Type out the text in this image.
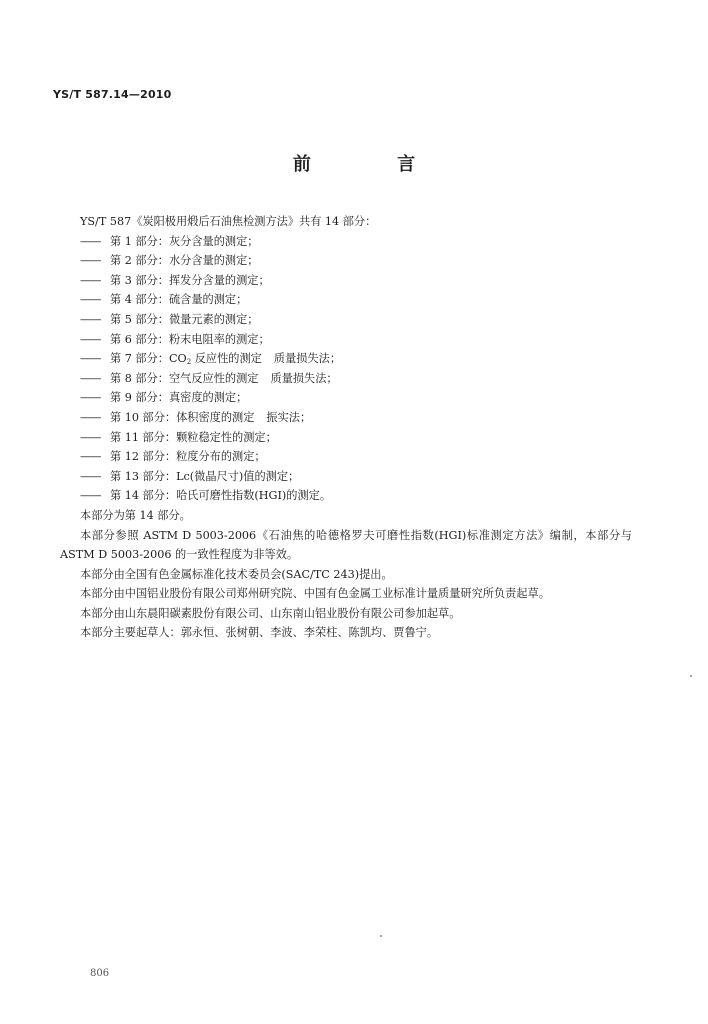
YS/T 587.14—2010
前 言

YS/T 587《炭阳极用煅后石油焦检测方法》共有 14 部分：

—— 第 1 部分：灰分含量的测定；

—— 第 2 部分：水分含量的测定；

—— 第 3 部分：挥发分含量的测定；

—— 第 4 部分：硫含量的测定；

—— 第 5 部分：微量元素的测定；

—— 第 6 部分：粉末电阻率的测定；

—— 第 7 部分：$CO_2$ 反应性的测定 质量损失法；

—— 第 8 部分：空气反应性的测定 质量损失法；

—— 第 9 部分：真密度的测定；

—— 第 10 部分：体积密度的测定 振实法；

—— 第 11 部分：颗粒稳定性的测定；

—— 第 12 部分：粒度分布的测定；

—— 第 13 部分：Lc(微晶尺寸)值的测定；

—— 第 14 部分：哈氏可磨性指数(HGI)的测定。

本部分为第 14 部分。

本部分参照 ASTM D 5003-2006《石油焦的哈德格罗夫可磨性指数(HGI)标准测定方法》编制，本部分与 ASTM D 5003-2006 的一致性程度为非等效。

本部分由全国有色金属标准化技术委员会(SAC/TC 243)提出。

本部分由中国铝业股份有限公司郑州研究院、中国有色金属工业标准计量质量研究所负责起草。

本部分由山东晨阳碳素股份有限公司、山东南山铝业股份有限公司参加起草。

本部分主要起草人：郭永恒、张树朝、李波、李荣柱、陈凯均、贾鲁宁。

806
